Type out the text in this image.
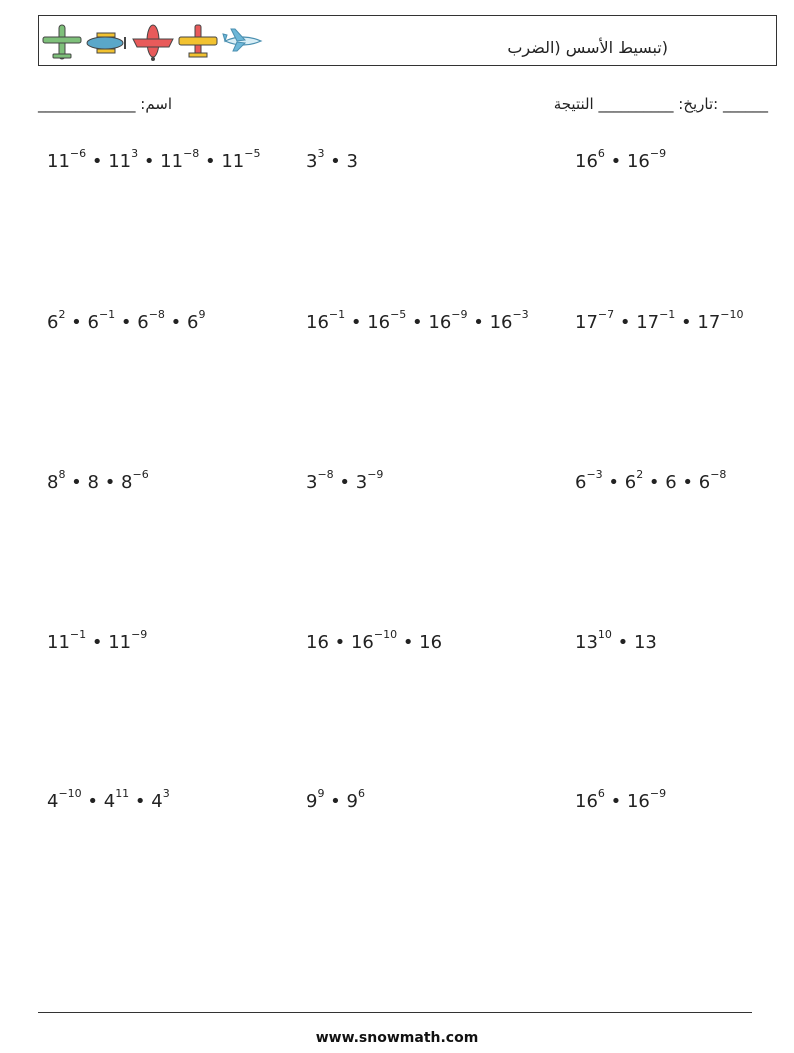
(تبسيط الأسس (الضرب
اسم: _____________	______ :تاريخ: __________ النتيجة
$11^{-6}$ • $11^3$ • $11^{-8}$ • $11^{-5}$	$3^3$ • 3	$16^6$ • $16^{-9}$
$6^2$ • $6^{-1}$ • $6^{-8}$ • $6^9$	$16^{-1}$ • $16^{-5}$ • $16^{-9}$ • $16^{-3}$	$17^{-7}$ • $17^{-1}$ • $17^{-10}$
$8^8$ • 8 • $8^{-6}$	$3^{-8}$ • $3^{-9}$	$6^{-3}$ • $6^2$ • 6 • $6^{-8}$
$11^{-1}$ • $11^{-9}$	16 • $16^{-10}$ • 16	$13^{10}$ • 13
$4^{-10}$ • $4^{11}$ • $4^3$	$9^9$ • $9^6$	$16^6$ • $16^{-9}$
www.snowmath.com
